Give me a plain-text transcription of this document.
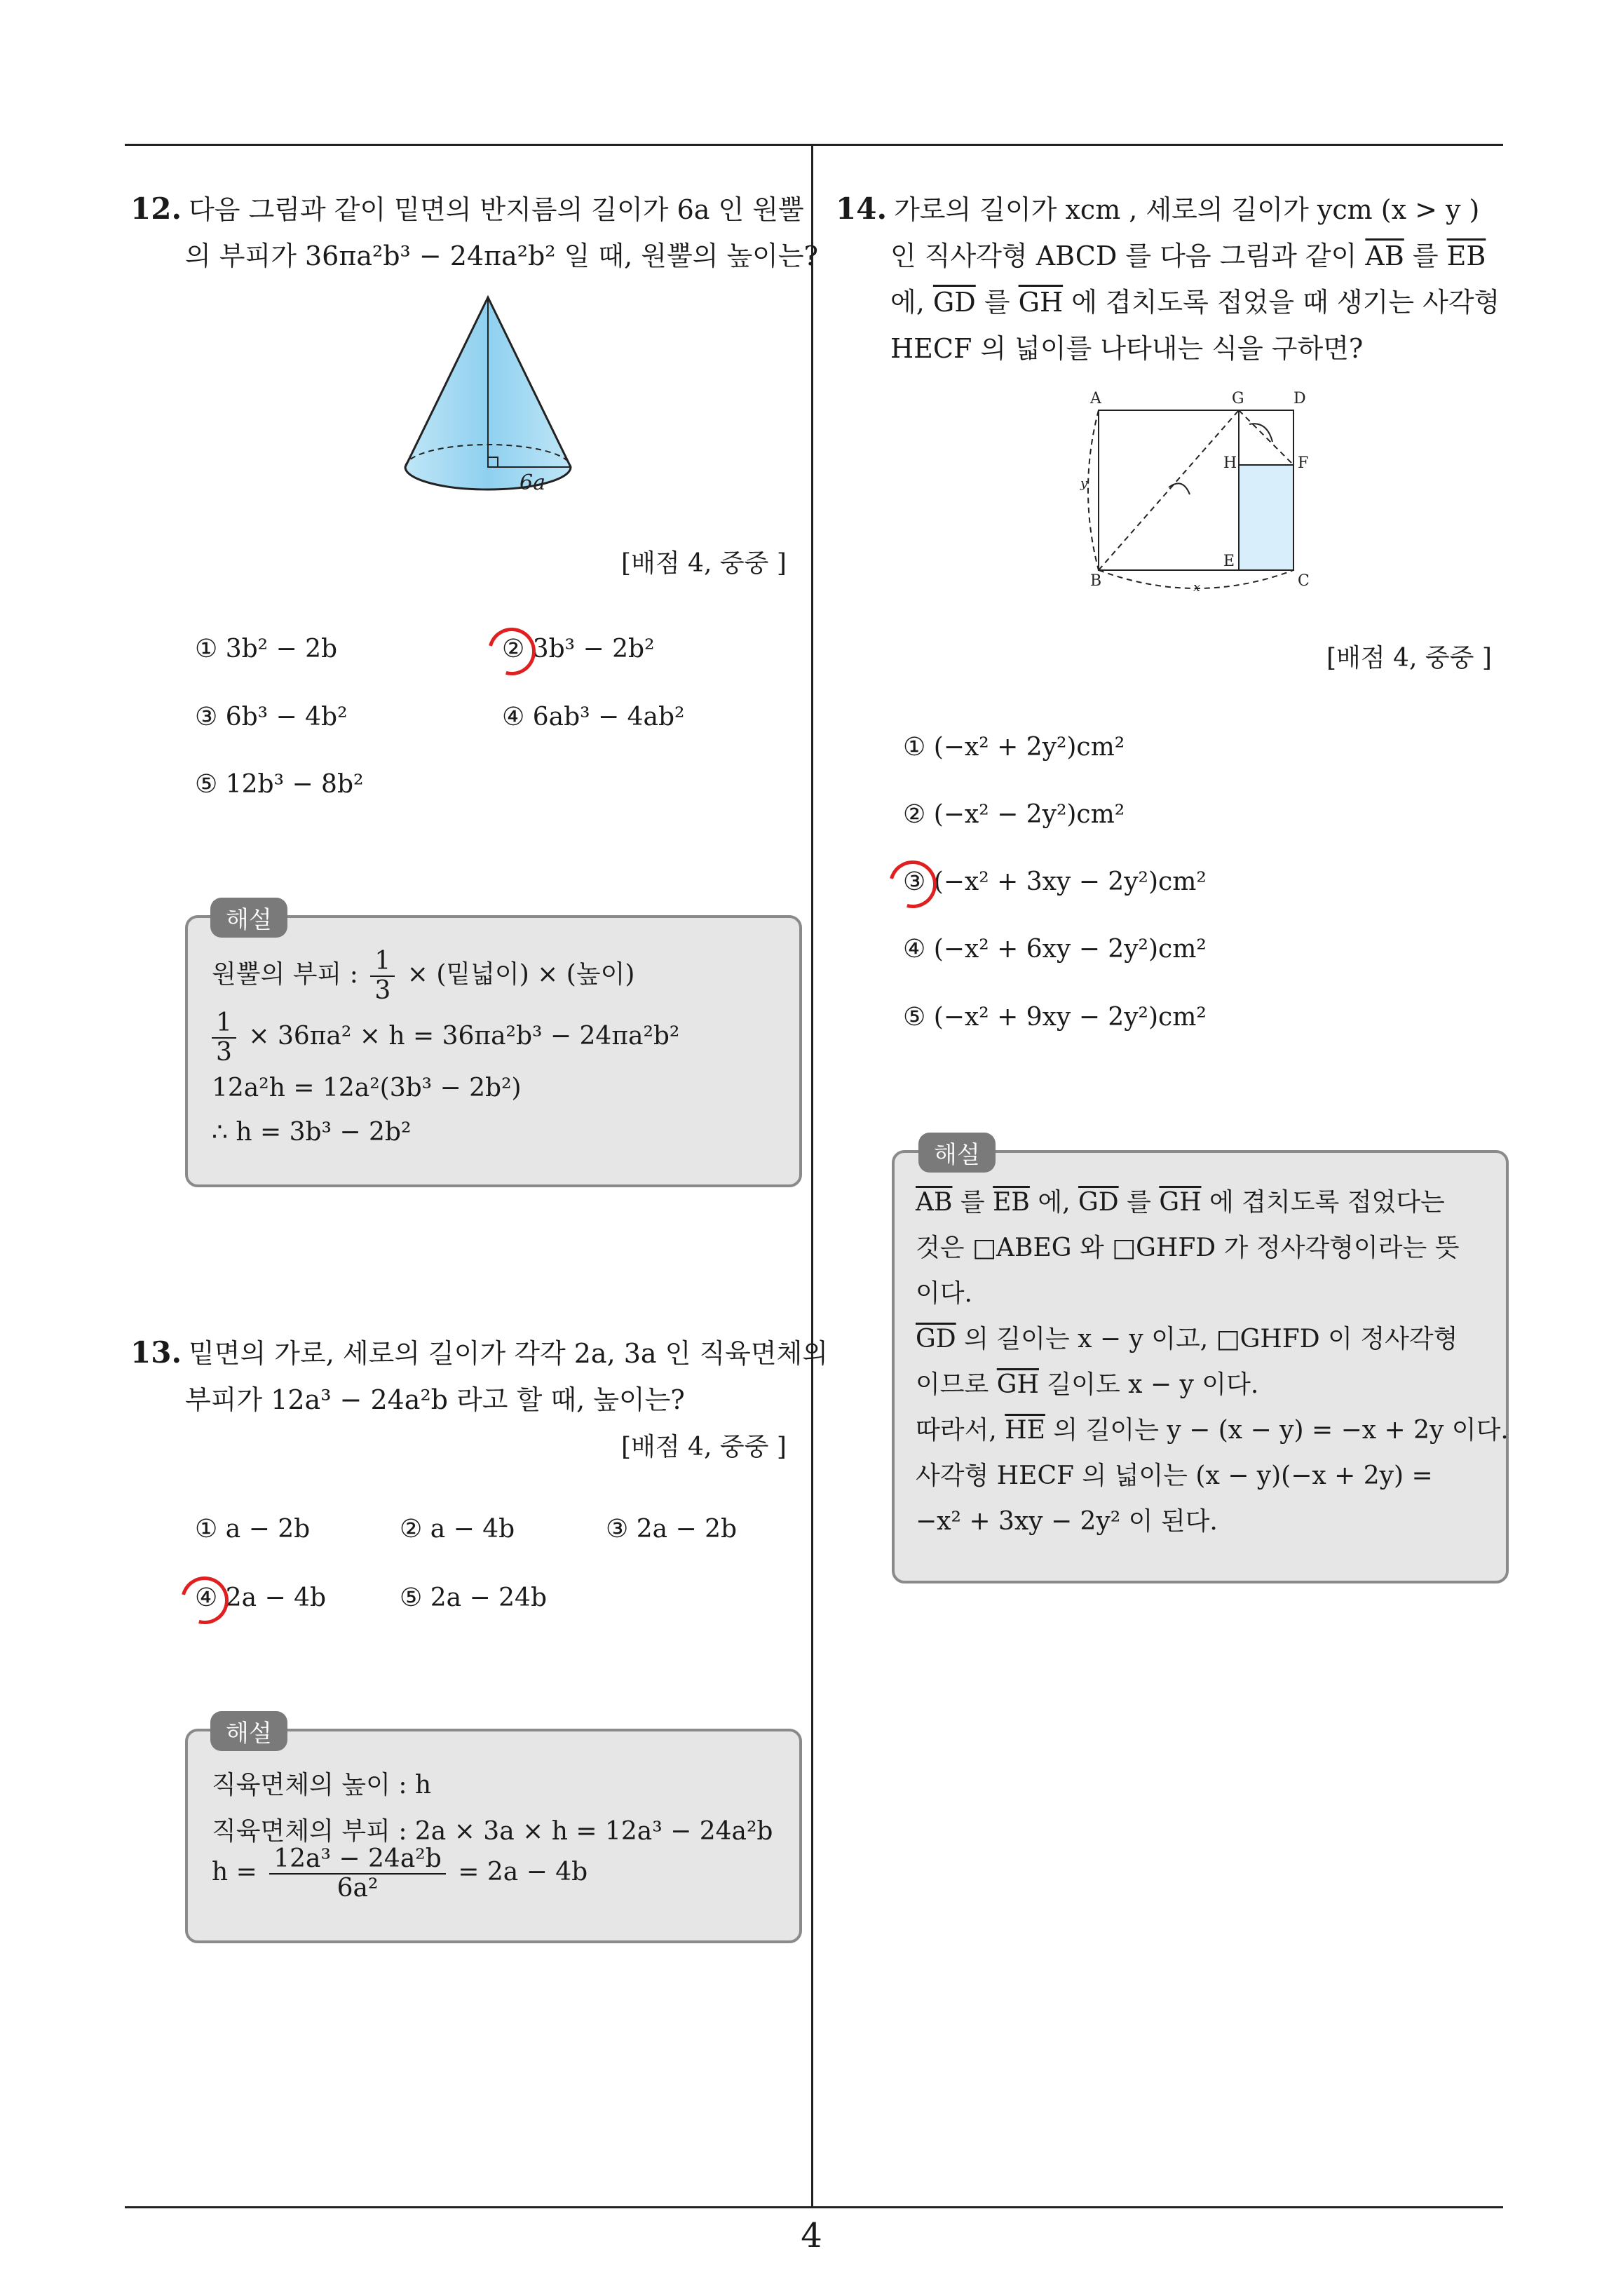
4
12. 다음 그림과 같이 밑면의 반지름의 길이가 6a 인 원뿔
의 부피가 36πa²b³ − 24πa²b² 일 때, 원뿔의 높이는?
6a
[배점 4, 중중 ]
① 3b² − 2b	② 3b³ − 2b²
③ 6b³ − 4b²	④ 6ab³ − 4ab²
⑤ 12b³ − 8b²
원뿔의 부피 : $\frac{1}{3}$ × (밑넓이) × (높이)
$\frac{1}{3} \times 36\pi a^2 \times h = 36\pi a^2b^3 - 24\pi a^2b^2$
12a²h = 12a²(3b³ − 2b²)
∴ h = 3b³ − 2b²
해설
13. 밑면의 가로, 세로의 길이가 각각 2a, 3a 인 직육면체의
부피가 12a³ − 24a²b 라고 할 때, 높이는?
[배점 4, 중중 ]
① a − 2b	② a − 4b	③ 2a − 2b
④ 2a − 4b	⑤ 2a − 24b
직육면체의 높이 : h
직육면체의 부피 : 2a × 3a × h = 12a³ − 24a²b
$h = \frac{\text{12a³ − 24a²b}}{\text{6a²}} = 2a - 4b$
해설
14. 가로의 길이가 xcm , 세로의 길이가 ycm (x > y )
인 직사각형 ABCD 를 다음 그림과 같이 $\overline{AB}$ 를 $\overline{EB}$
에, $\overline{GD}$ 를 $\overline{GH}$ 에 겹치도록 접었을 때 생기는 사각형
HECF 의 넓이를 나타내는 식을 구하면?
A	G	D
H	F
E
B	C
x
y
[배점 4, 중중 ]
① (−x² + 2y²)cm²
② (−x² − 2y²)cm²
③ (−x² + 3xy − 2y²)cm²
④ (−x² + 6xy − 2y²)cm²
⑤ (−x² + 9xy − 2y²)cm²
$\overline{AB}$ 를 $\overline{EB}$ 에, $\overline{GD}$ 를 $\overline{GH}$ 에 겹치도록 접었다는
것은 □ABEG 와 □GHFD 가 정사각형이라는 뜻
이다.
$\overline{GD}$ 의 길이는 x − y 이고, □GHFD 이 정사각형
이므로 $\overline{GH}$ 길이도 x − y 이다.
따라서, $\overline{HE}$ 의 길이는 y − (x − y) = −x + 2y 이다.
사각형 HECF 의 넓이는 (x − y)(−x + 2y) =
−x² + 3xy − 2y² 이 된다.
해설
